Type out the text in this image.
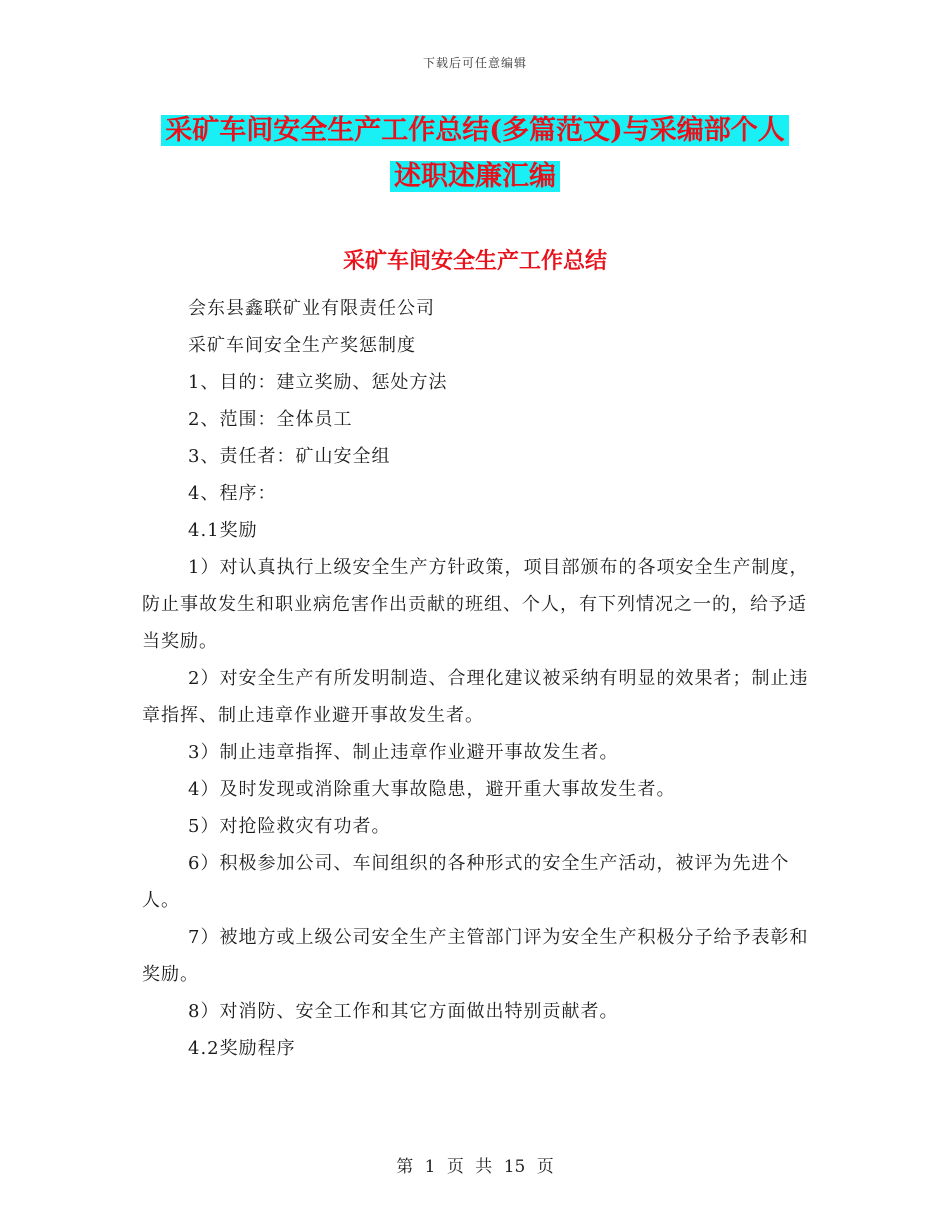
下载后可任意编辑
采矿车间安全生产工作总结(多篇范文)与采编部个人
述职述廉汇编
采矿车间安全生产工作总结

会东县鑫联矿业有限责任公司

采矿车间安全生产奖惩制度

1、目的：建立奖励、惩处方法

2、范围：全体员工

3、责任者：矿山安全组

4、程序：

4.1奖励

1）对认真执行上级安全生产方针政策，项目部颁布的各项安全生产制度，防止事故发生和职业病危害作出贡献的班组、个人，有下列情况之一的，给予适当奖励。

2）对安全生产有所发明制造、合理化建议被采纳有明显的效果者；制止违章指挥、制止违章作业避开事故发生者。

3）制止违章指挥、制止违章作业避开事故发生者。

4）及时发现或消除重大事故隐患，避开重大事故发生者。

5）对抢险救灾有功者。

6）积极参加公司、车间组织的各种形式的安全生产活动，被评为先进个人。

7）被地方或上级公司安全生产主管部门评为安全生产积极分子给予表彰和奖励。

8）对消防、安全工作和其它方面做出特别贡献者。

4.2奖励程序

第 1 页 共 15 页
